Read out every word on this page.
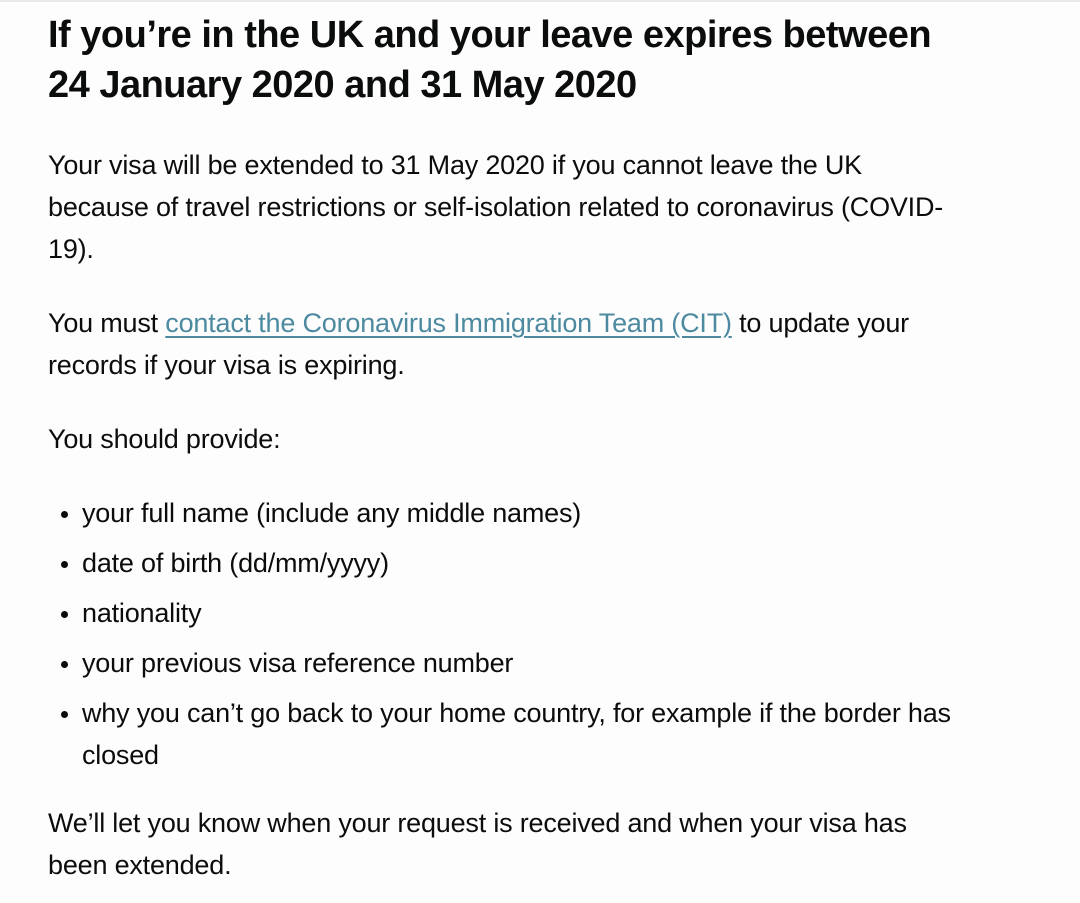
If you’re in the UK and your leave expires between 24 January 2020 and 31 May 2020

Your visa will be extended to 31 May 2020 if you cannot leave the UK because of travel restrictions or self-isolation related to coronavirus (COVID-19).

You must contact the Coronavirus Immigration Team (CIT) to update your records if your visa is expiring.

You should provide:

• your full name (include any middle names)
• date of birth (dd/mm/yyyy)
• nationality
• your previous visa reference number
• why you can’t go back to your home country, for example if the border has closed

We’ll let you know when your request is received and when your visa has been extended.
